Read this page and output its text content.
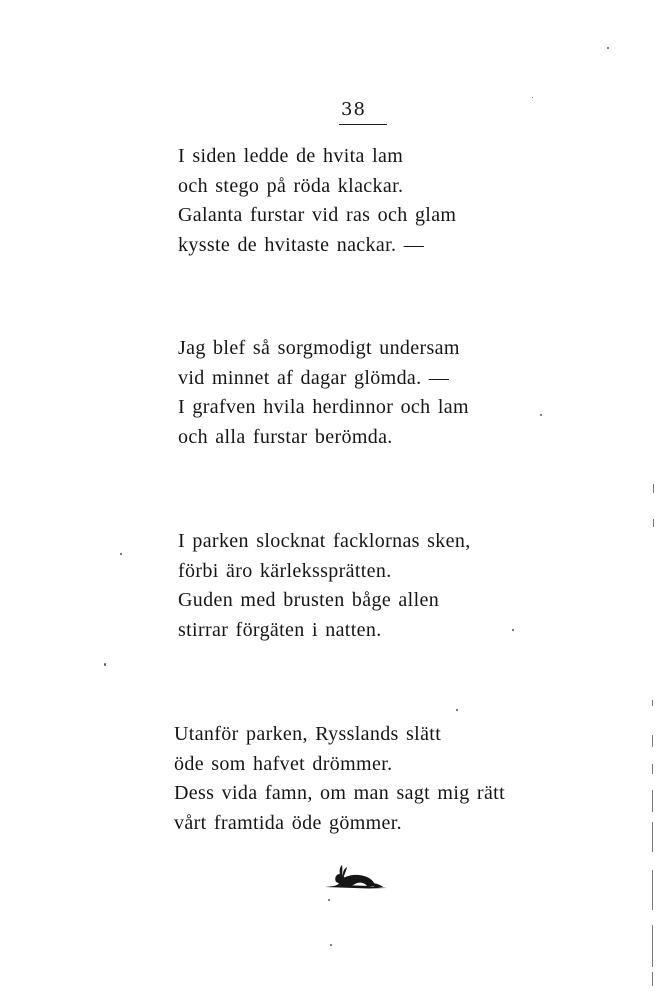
38
I siden ledde de hvita lam
och stego på röda klackar.
Galanta furstar vid ras och glam
kysste de hvitaste nackar. —
Jag blef så sorgmodigt undersam
vid minnet af dagar glömda. —
I grafven hvila herdinnor och lam
och alla furstar berömda.
I parken slocknat facklornas sken,
förbi äro kärlekssprätten.
Guden med brusten båge allen
stirrar förgäten i natten.
Utanför parken, Rysslands slätt
öde som hafvet drömmer.
Dess vida famn, om man sagt mig rätt
vårt framtida öde gömmer.
